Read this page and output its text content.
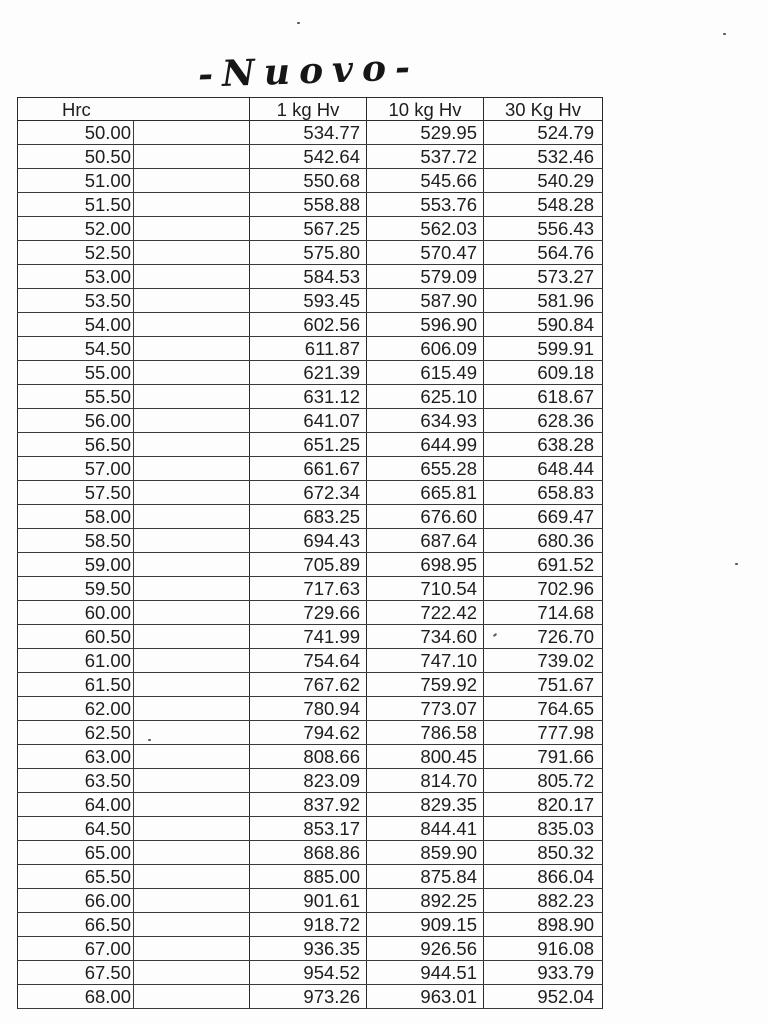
-Nuovo-
Hrc		1 kg Hv	10 kg Hv	30 Kg Hv
50.00		534.77	529.95	524.79
50.50		542.64	537.72	532.46
51.00		550.68	545.66	540.29
51.50		558.88	553.76	548.28
52.00		567.25	562.03	556.43
52.50		575.80	570.47	564.76
53.00		584.53	579.09	573.27
53.50		593.45	587.90	581.96
54.00		602.56	596.90	590.84
54.50		611.87	606.09	599.91
55.00		621.39	615.49	609.18
55.50		631.12	625.10	618.67
56.00		641.07	634.93	628.36
56.50		651.25	644.99	638.28
57.00		661.67	655.28	648.44
57.50		672.34	665.81	658.83
58.00		683.25	676.60	669.47
58.50		694.43	687.64	680.36
59.00		705.89	698.95	691.52
59.50		717.63	710.54	702.96
60.00		729.66	722.42	714.68
60.50		741.99	734.60	726.70
61.00		754.64	747.10	739.02
61.50		767.62	759.92	751.67
62.00		780.94	773.07	764.65
62.50		794.62	786.58	777.98
63.00		808.66	800.45	791.66
63.50		823.09	814.70	805.72
64.00		837.92	829.35	820.17
64.50		853.17	844.41	835.03
65.00		868.86	859.90	850.32
65.50		885.00	875.84	866.04
66.00		901.61	892.25	882.23
66.50		918.72	909.15	898.90
67.00		936.35	926.56	916.08
67.50		954.52	944.51	933.79
68.00		973.26	963.01	952.04
